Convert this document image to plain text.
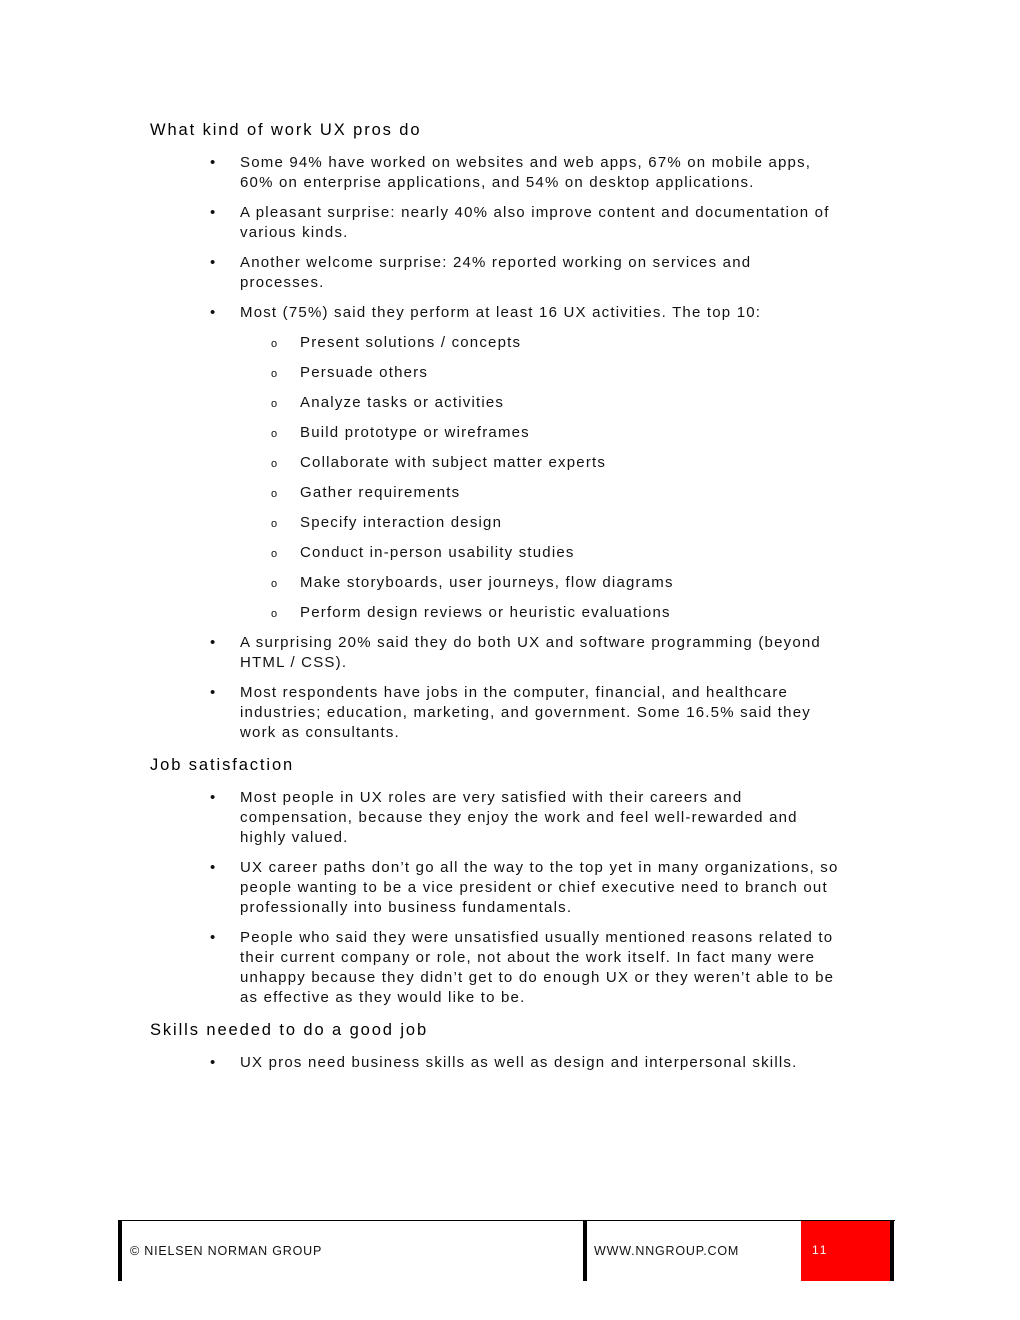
What kind of work UX pros do
• Some 94% have worked on websites and web apps, 67% on mobile apps, 60% on enterprise applications, and 54% on desktop applications.
• A pleasant surprise: nearly 40% also improve content and documentation of various kinds.
• Another welcome surprise: 24% reported working on services and processes.
• Most (75%) said they perform at least 16 UX activities. The top 10:
o Present solutions / concepts
o Persuade others
o Analyze tasks or activities
o Build prototype or wireframes
o Collaborate with subject matter experts
o Gather requirements
o Specify interaction design
o Conduct in-person usability studies
o Make storyboards, user journeys, flow diagrams
o Perform design reviews or heuristic evaluations
• A surprising 20% said they do both UX and software programming (beyond HTML / CSS).
• Most respondents have jobs in the computer, financial, and healthcare industries; education, marketing, and government. Some 16.5% said they work as consultants.
Job satisfaction
• Most people in UX roles are very satisfied with their careers and compensation, because they enjoy the work and feel well-rewarded and highly valued.
• UX career paths don’t go all the way to the top yet in many organizations, so people wanting to be a vice president or chief executive need to branch out professionally into business fundamentals.
• People who said they were unsatisfied usually mentioned reasons related to their current company or role, not about the work itself. In fact many were unhappy because they didn’t get to do enough UX or they weren’t able to be as effective as they would like to be.
Skills needed to do a good job
• UX pros need business skills as well as design and interpersonal skills.
© NIELSEN NORMAN GROUP	WWW.NNGROUP.COM	11
